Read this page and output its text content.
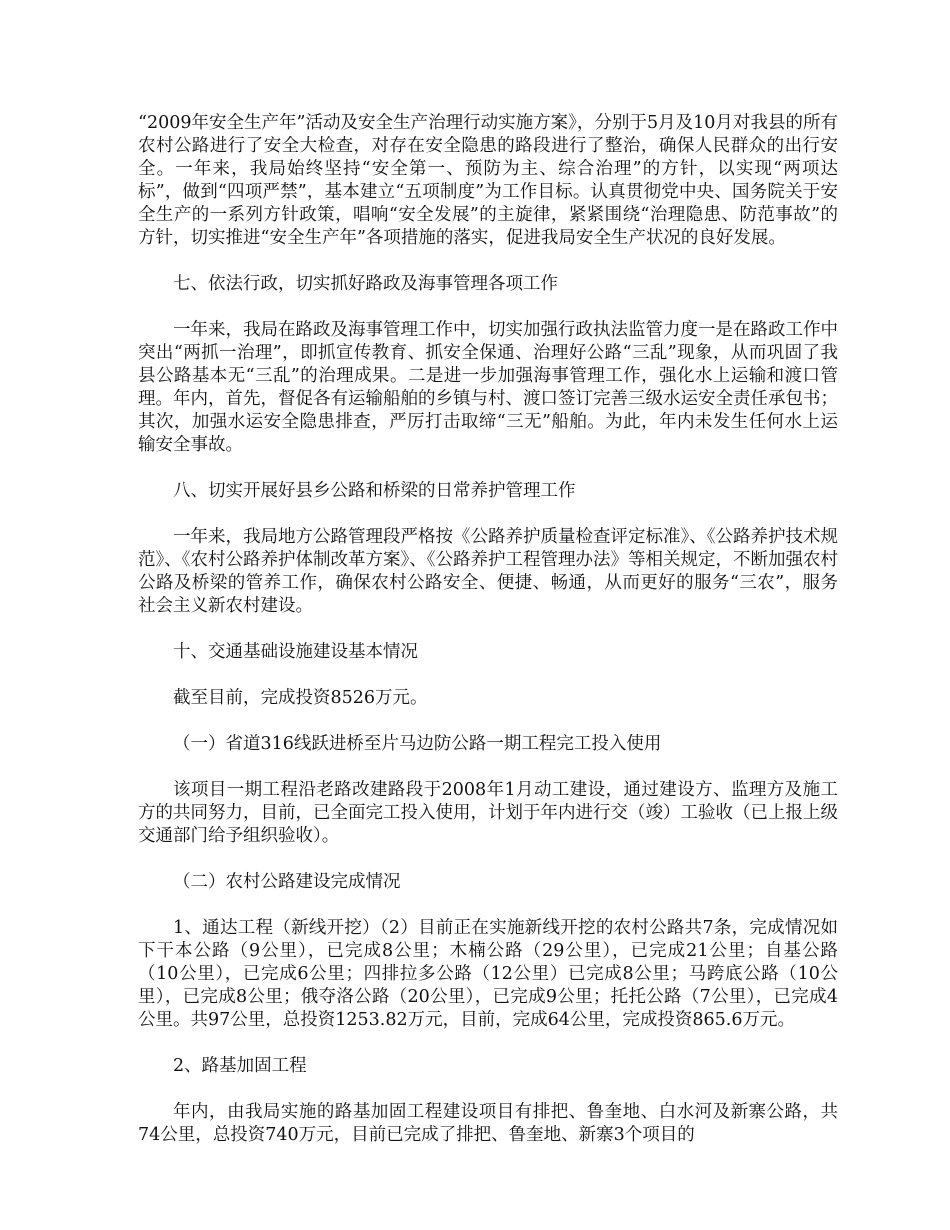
“2009年安全生产年”活动及安全生产治理行动实施方案》，分别于5月及10月对我县的所有农村公路进行了安全大检查，对存在安全隐患的路段进行了整治，确保人民群众的出行安全。一年来，我局始终坚持“安全第一、预防为主、综合治理”的方针，以实现“两项达标”，做到“四项严禁”，基本建立“五项制度”为工作目标。认真贯彻党中央、国务院关于安全生产的一系列方针政策，唱响“安全发展”的主旋律，紧紧围绕“治理隐患、防范事故”的方针，切实推进“安全生产年”各项措施的落实，促进我局安全生产状况的良好发展。

七、依法行政，切实抓好路政及海事管理各项工作

一年来，我局在路政及海事管理工作中，切实加强行政执法监管力度一是在路政工作中突出“两抓一治理”，即抓宣传教育、抓安全保通、治理好公路“三乱”现象，从而巩固了我县公路基本无“三乱”的治理成果。二是进一步加强海事管理工作，强化水上运输和渡口管理。年内，首先，督促各有运输船舶的乡镇与村、渡口签订完善三级水运安全责任承包书；其次，加强水运安全隐患排查，严厉打击取缔“三无”船舶。为此，年内未发生任何水上运输安全事故。

八、切实开展好县乡公路和桥梁的日常养护管理工作

一年来，我局地方公路管理段严格按《公路养护质量检查评定标准》、《公路养护技术规范》、《农村公路养护体制改革方案》、《公路养护工程管理办法》等相关规定，不断加强农村公路及桥梁的管养工作，确保农村公路安全、便捷、畅通，从而更好的服务“三农”，服务社会主义新农村建设。

十、交通基础设施建设基本情况

截至目前，完成投资8526万元。

（一）省道316线跃进桥至片马边防公路一期工程完工投入使用

该项目一期工程沿老路改建路段于2008年1月动工建设，通过建设方、监理方及施工方的共同努力，目前，已全面完工投入使用，计划于年内进行交（竣）工验收（已上报上级交通部门给予组织验收）。

（二）农村公路建设完成情况

1、通达工程（新线开挖）（2）目前正在实施新线开挖的农村公路共7条，完成情况如下干本公路（9公里），已完成8公里；木楠公路（29公里），已完成21公里；自基公路（10公里），已完成6公里；四排拉多公路（12公里）已完成8公里；马跨底公路（10公里），已完成8公里；俄夺洛公路（20公里），已完成9公里；托托公路（7公里），已完成4公里。共97公里，总投资1253.82万元，目前，完成64公里，完成投资865.6万元。

2、路基加固工程

年内，由我局实施的路基加固工程建设项目有排把、鲁奎地、白水河及新寨公路，共74公里，总投资740万元，目前已完成了排把、鲁奎地、新寨3个项目的
